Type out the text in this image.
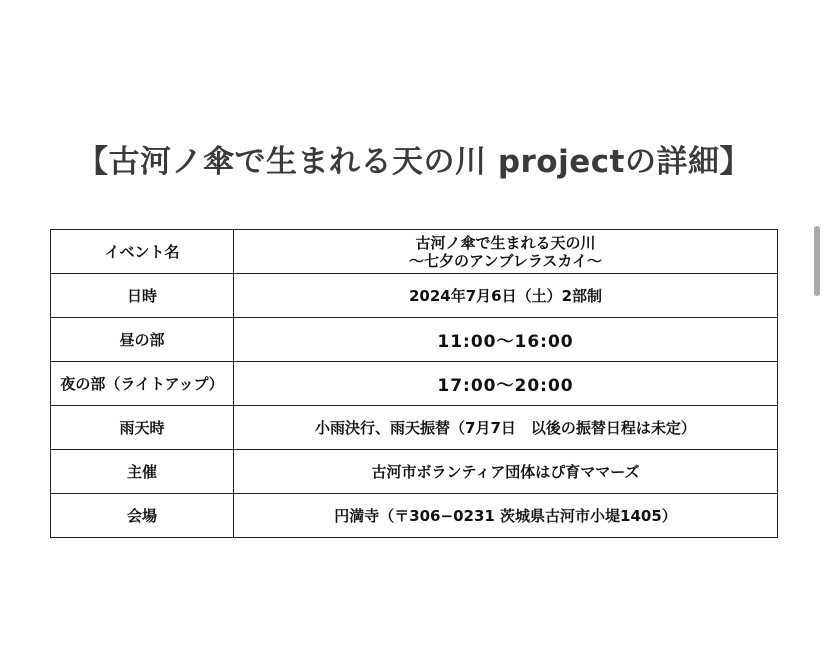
【古河ノ傘で生まれる天の川 projectの詳細】
イベント名	古河ノ傘で生まれる天の川
〜七夕のアンブレラスカイ〜

日時	2024年7月6日（土）2部制
昼の部	11:00〜16:00
夜の部（ライトアップ）	17:00〜20:00
雨天時	小雨決行、雨天振替（7月7日　以後の振替日程は未定）
主催	古河市ボランティア団体はぴ育ママーズ
会場	円満寺（〒306−0231 茨城県古河市小堤1405）
